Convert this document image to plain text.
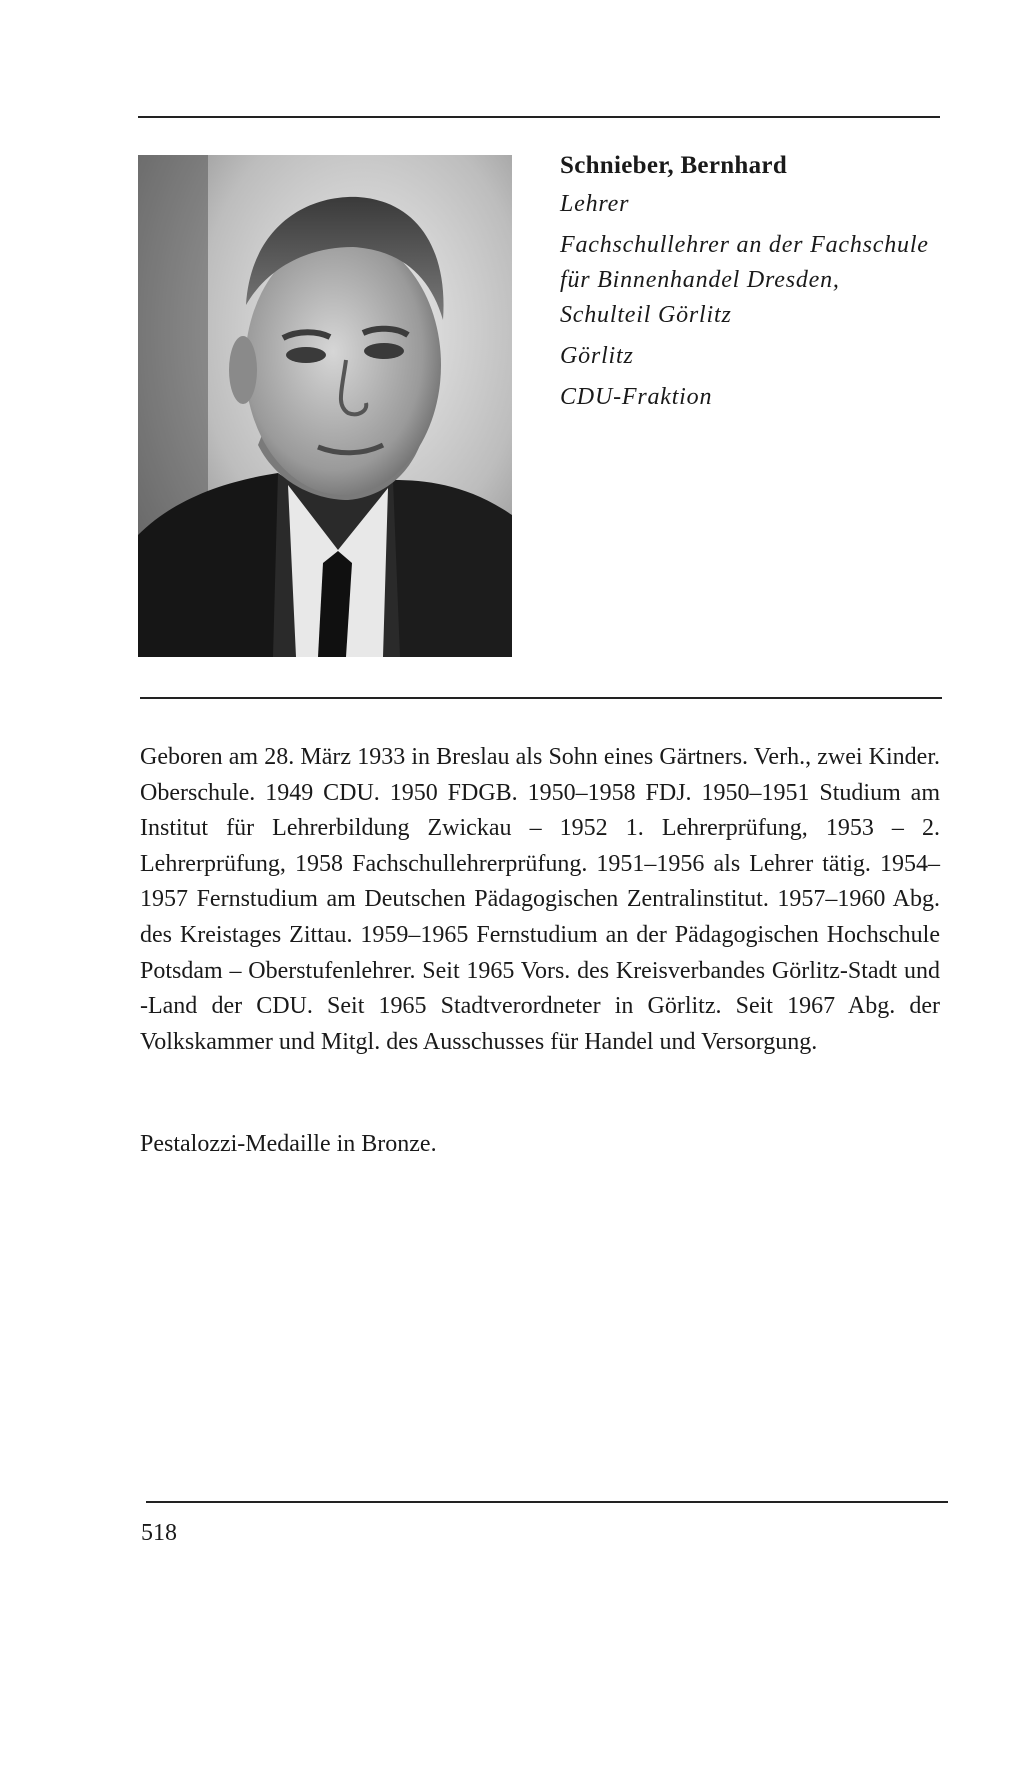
Schnieber, Bernhard

Lehrer

Fachschullehrer an der Fachschule

für Binnenhandel Dresden,

Schulteil Görlitz

Görlitz

CDU-Fraktion

Geboren am 28. März 1933 in Breslau als Sohn eines Gärtners. Verh., zwei Kinder. Oberschule. 1949 CDU. 1950 FDGB. 1950–1958 FDJ. 1950–1951 Studium am Institut für Lehrerbildung Zwickau – 1952 1. Lehrerprüfung, 1953 – 2. Lehrerprüfung, 1958 Fachschullehrerprüfung. 1951–1956 als Lehrer tätig. 1954–1957 Fernstudium am Deutschen Pädagogischen Zentralinstitut. 1957–1960 Abg. des Kreistages Zittau. 1959–1965 Fernstudium an der Pädagogischen Hochschule Potsdam – Oberstufenlehrer. Seit 1965 Vors. des Kreisverbandes Görlitz-Stadt und -Land der CDU. Seit 1965 Stadtverordneter in Görlitz. Seit 1967 Abg. der Volkskammer und Mitgl. des Ausschusses für Handel und Versorgung.

Pestalozzi-Medaille in Bronze.

518
